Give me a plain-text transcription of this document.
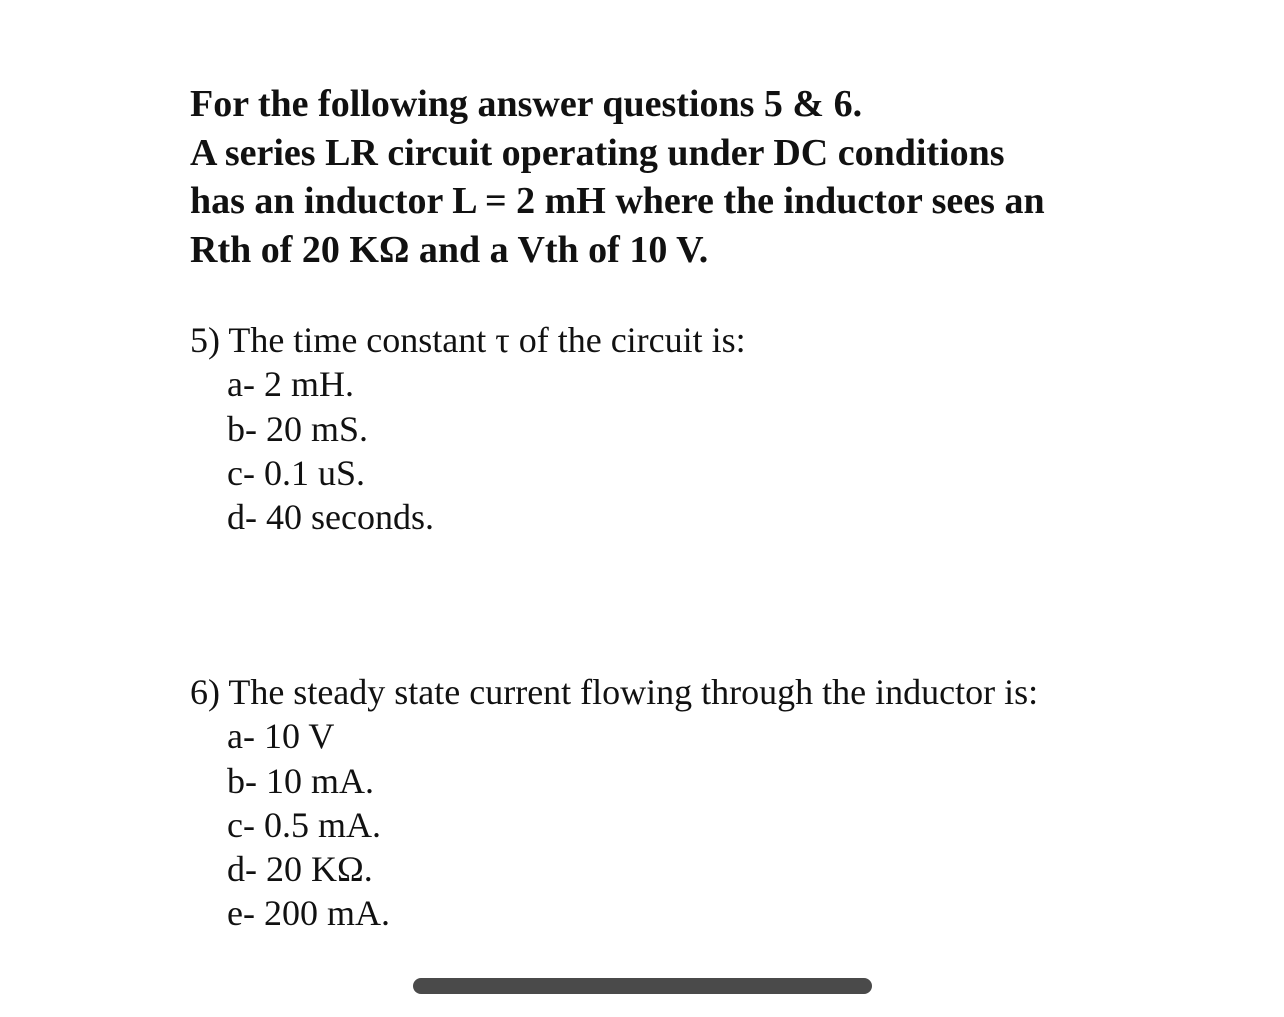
For the following answer questions 5 & 6.
A series LR circuit operating under DC conditions
has an inductor L = 2 mH where the inductor sees an
Rth of 20 KΩ and a Vth of 10 V.
5) The time constant τ of the circuit is:
a- 2 mH.
b- 20 mS.
c- 0.1 uS.
d- 40 seconds.
6) The steady state current flowing through the inductor is:
a- 10 V
b- 10 mA.
c- 0.5 mA.
d- 20 KΩ.
e- 200 mA.
